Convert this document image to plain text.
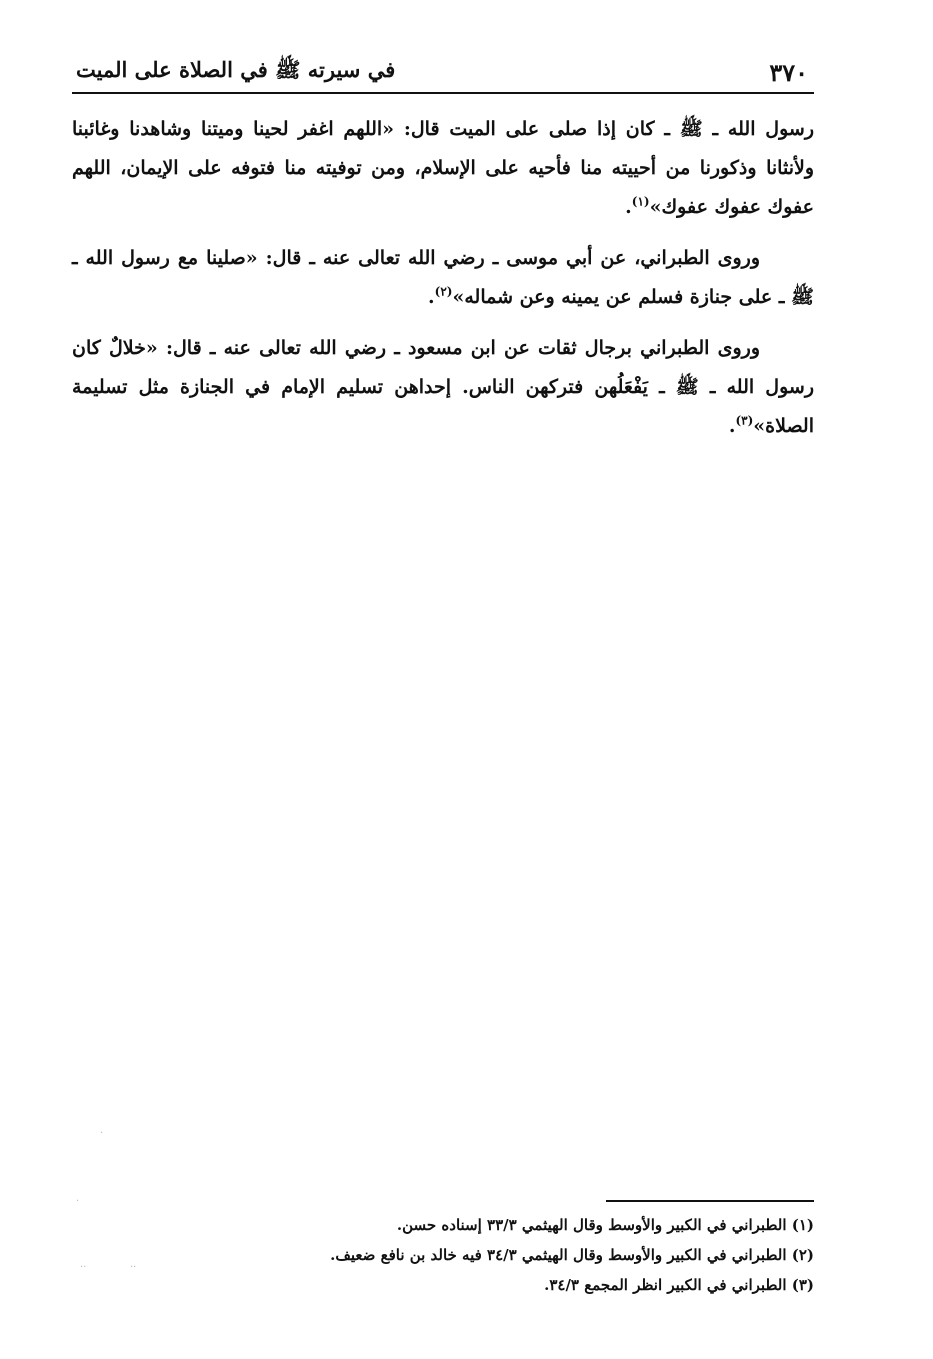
٣٧٠
في سيرته ﷺ في الصلاة على الميت

رسول الله ـ ﷺ ـ كان إذا صلى على الميت قال: «اللهم اغفر لحينا وميتنا وشاهدنا وغائبنا ولأنثانا وذكورنا من أحييته منا فأحيه على الإسلام، ومن توفيته منا فتوفه على الإيمان، اللهم عفوك عفوك عفوك»$^{(١)}$.

وروى الطبراني، عن أبي موسى ـ رضي الله تعالى عنه ـ قال: «صلينا مع رسول الله ـ ﷺ ـ على جنازة فسلم عن يمينه وعن شماله»$^{(٢)}$.

وروى الطبراني برجال ثقات عن ابن مسعود ـ رضي الله تعالى عنه ـ قال: «خلالٌ كان رسول الله ـ ﷺ ـ يَفْعَلُهن فتركهن الناس. إحداهن تسليم الإمام في الجنازة مثل تسليمة الصلاة»$^{(٣)}$.

(١) الطبراني في الكبير والأوسط وقال الهيثمي ٣٣/٣ إسناده حسن.
(٢) الطبراني في الكبير والأوسط وقال الهيثمي ٣٤/٣ فيه خالد بن نافع ضعيف.
(٣) الطبراني في الكبير انظر المجمع ٣٤/٣.
·
·
··	··
